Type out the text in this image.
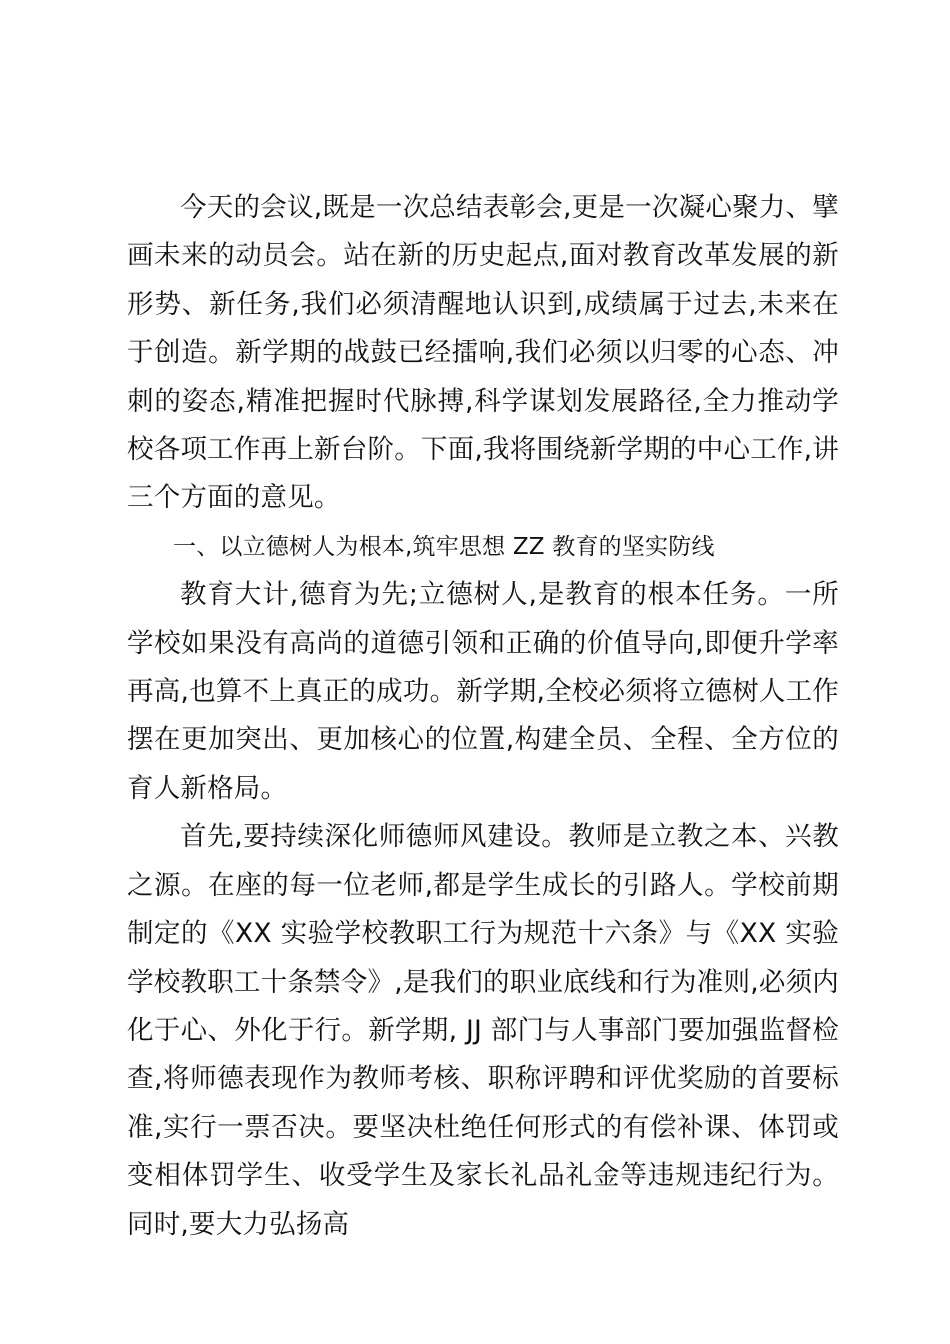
今天的会议,既是一次总结表彰会,更是一次凝心聚力、擘画未来的动员会。站在新的历史起点,面对教育改革发展的新形势、新任务,我们必须清醒地认识到,成绩属于过去,未来在于创造。新学期的战鼓已经擂响,我们必须以归零的心态、冲刺的姿态,精准把握时代脉搏,科学谋划发展路径,全力推动学校各项工作再上新台阶。下面,我将围绕新学期的中心工作,讲三个方面的意见。

一、以立德树人为根本,筑牢思想 ZZ 教育的坚实防线

教育大计,德育为先;立德树人,是教育的根本任务。一所学校如果没有高尚的道德引领和正确的价值导向,即便升学率再高,也算不上真正的成功。新学期,全校必须将立德树人工作摆在更加突出、更加核心的位置,构建全员、全程、全方位的育人新格局。

首先,要持续深化师德师风建设。教师是立教之本、兴教之源。在座的每一位老师,都是学生成长的引路人。学校前期制定的《XX 实验学校教职工行为规范十六条》与《XX 实验学校教职工十条禁令》,是我们的职业底线和行为准则,必须内化于心、外化于行。新学期, JJ 部门与人事部门要加强监督检查,将师德表现作为教师考核、职称评聘和评优奖励的首要标准,实行一票否决。要坚决杜绝任何形式的有偿补课、体罚或变相体罚学生、收受学生及家长礼品礼金等违规违纪行为。同时,要大力弘扬高
